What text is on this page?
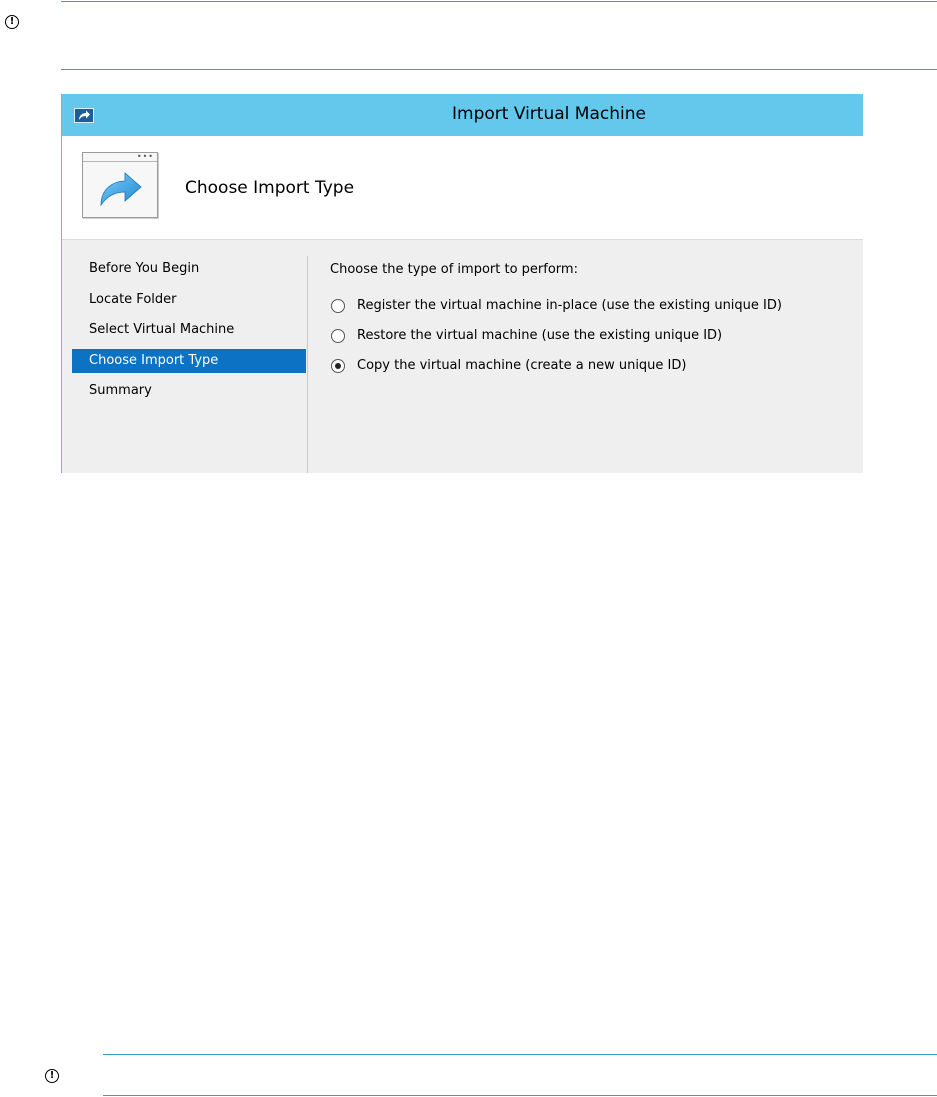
!
Import Virtual Machine
•••
Choose Import Type
Before You Begin
Locate Folder
Select Virtual Machine
Choose Import Type
Summary
Choose the type of import to perform:
Register the virtual machine in-place (use the existing unique ID)
Restore the virtual machine (use the existing unique ID)
Copy the virtual machine (create a new unique ID)
!
